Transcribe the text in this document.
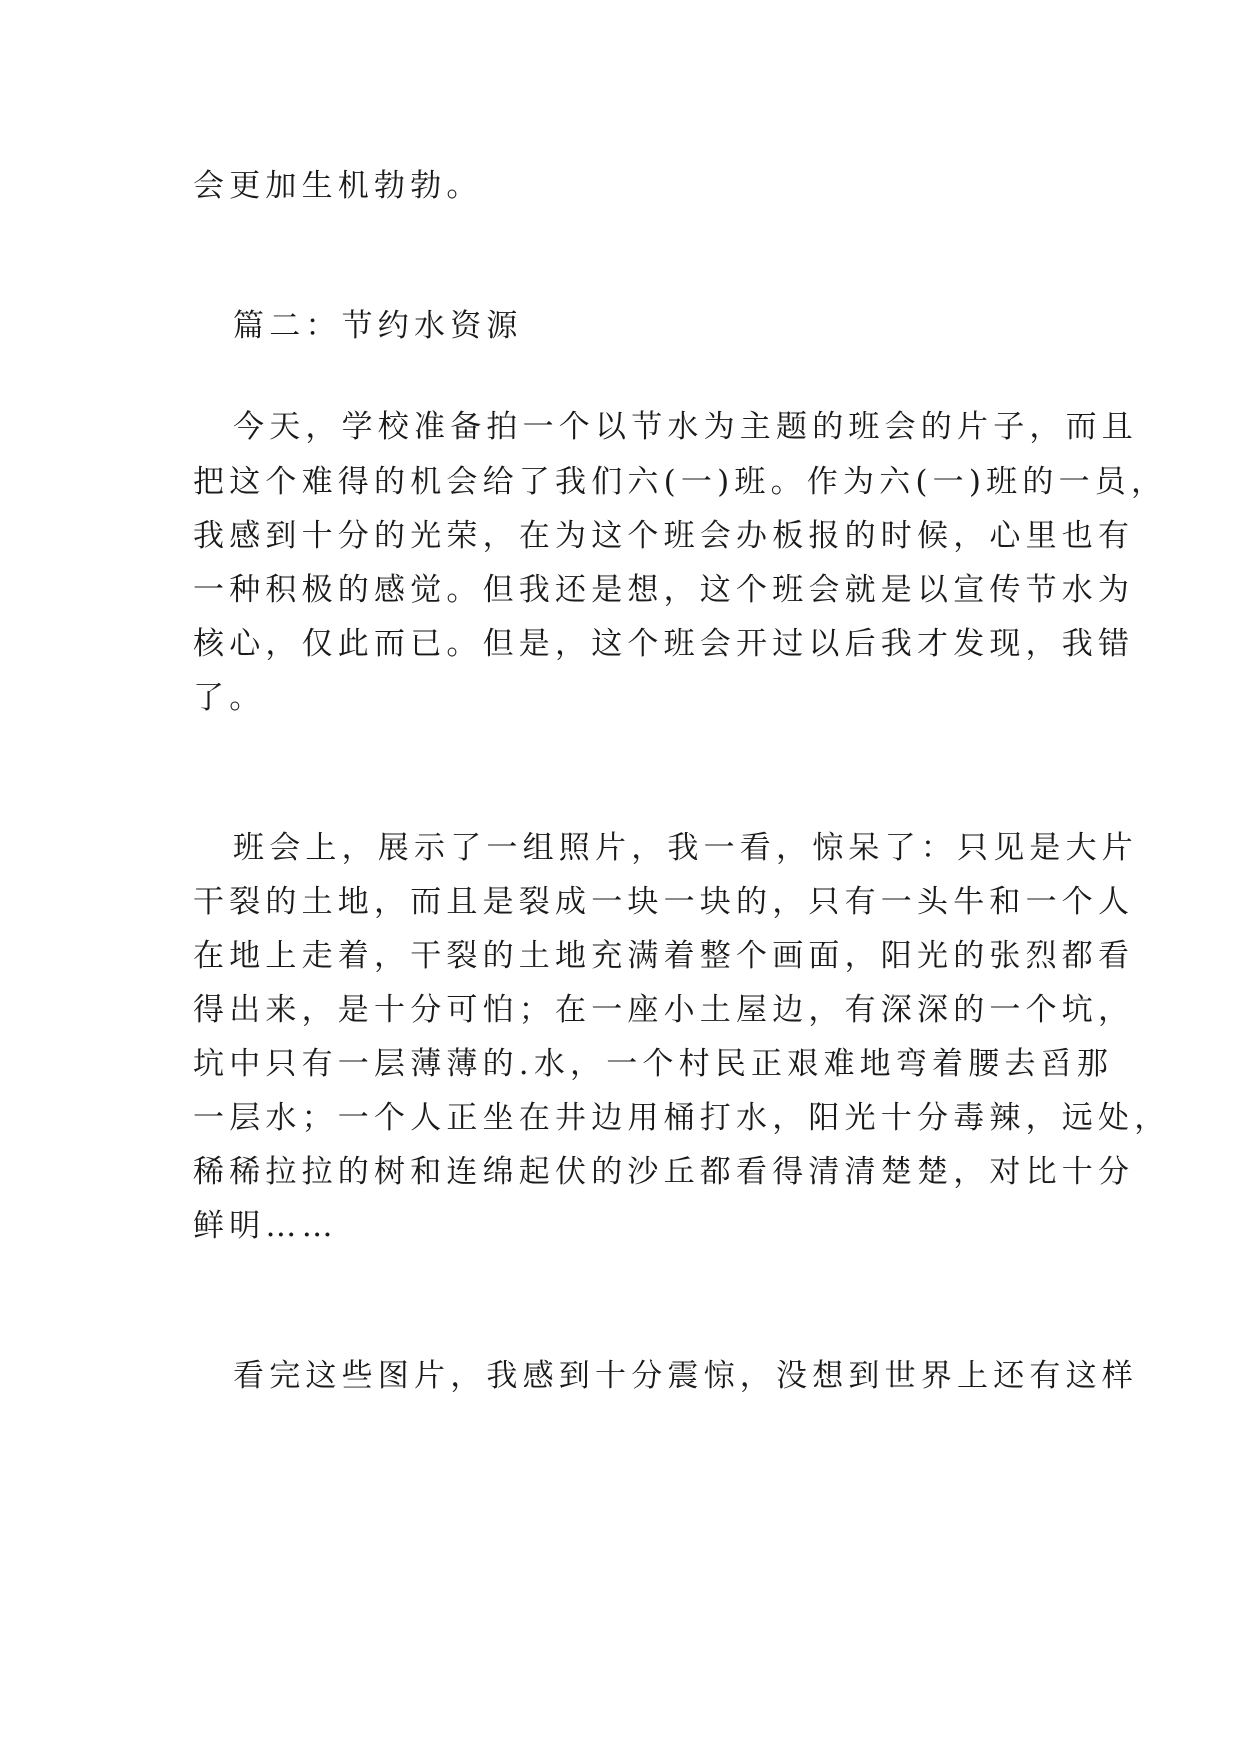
会更加生机勃勃。
篇二：节约水资源
今天，学校准备拍一个以节水为主题的班会的片子，而且
把这个难得的机会给了我们六(一)班。作为六(一)班的一员，
我感到十分的光荣，在为这个班会办板报的时候，心里也有
一种积极的感觉。但我还是想，这个班会就是以宣传节水为
核心，仅此而已。但是，这个班会开过以后我才发现，我错
了。
班会上，展示了一组照片，我一看，惊呆了：只见是大片
干裂的土地，而且是裂成一块一块的，只有一头牛和一个人
在地上走着，干裂的土地充满着整个画面，阳光的张烈都看
得出来，是十分可怕；在一座小土屋边，有深深的一个坑，
坑中只有一层薄薄的.水，一个村民正艰难地弯着腰去舀那
一层水；一个人正坐在井边用桶打水，阳光十分毒辣，远处，
稀稀拉拉的树和连绵起伏的沙丘都看得清清楚楚，对比十分
鲜明……
看完这些图片，我感到十分震惊，没想到世界上还有这样
